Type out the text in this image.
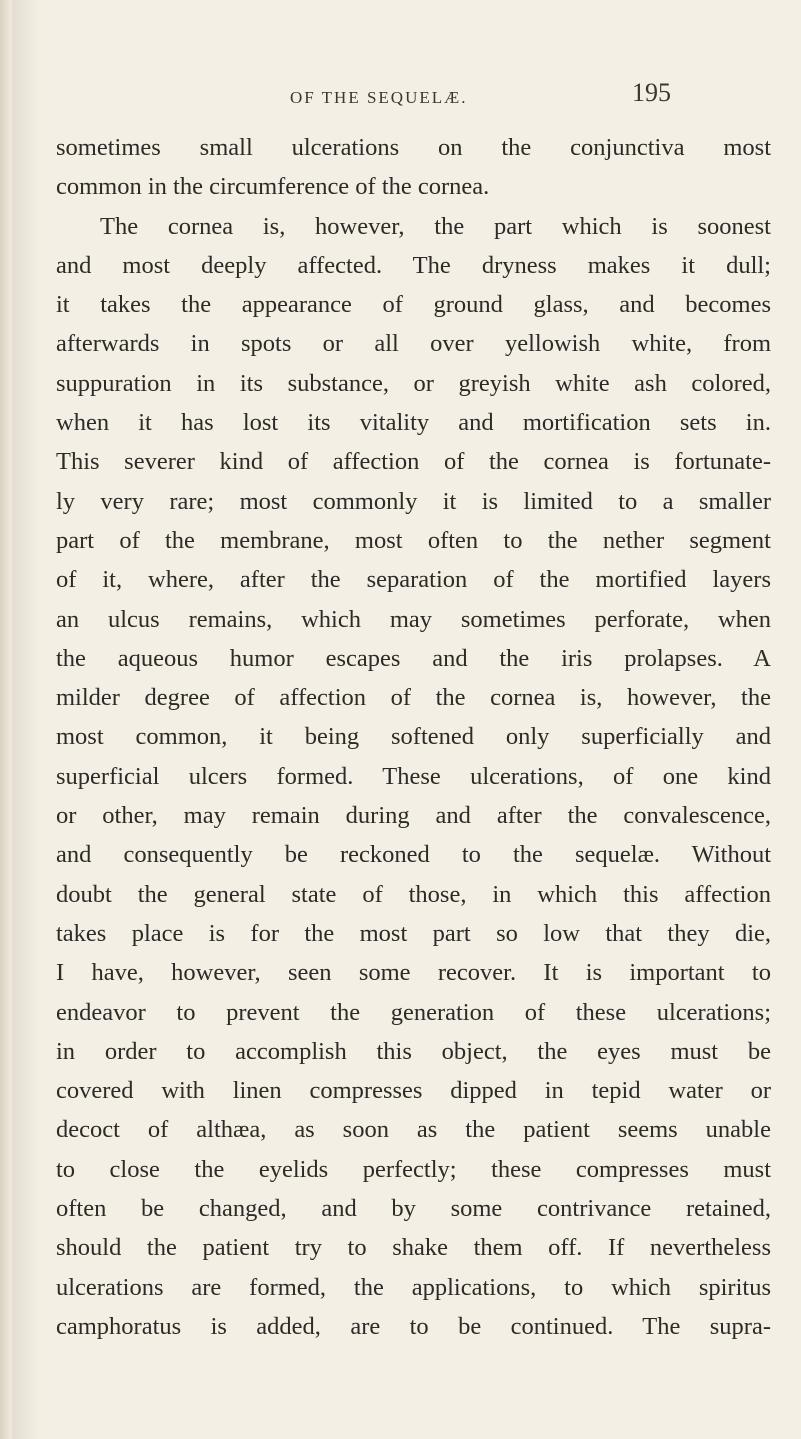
OF THE SEQUELÆ.	195
sometimes small ulcerations on the conjunctiva most
common in the circumference of the cornea.
The cornea is, however, the part which is soonest
and most deeply affected. The dryness makes it dull;
it takes the appearance of ground glass, and becomes
afterwards in spots or all over yellowish white, from
suppuration in its substance, or greyish white ash colored,
when it has lost its vitality and mortification sets in.
This severer kind of affection of the cornea is fortunate-
ly very rare; most commonly it is limited to a smaller
part of the membrane, most often to the nether segment
of it, where, after the separation of the mortified layers
an ulcus remains, which may sometimes perforate, when
the aqueous humor escapes and the iris prolapses. A
milder degree of affection of the cornea is, however, the
most common, it being softened only superficially and
superficial ulcers formed. These ulcerations, of one kind
or other, may remain during and after the convalescence,
and consequently be reckoned to the sequelæ. Without
doubt the general state of those, in which this affection
takes place is for the most part so low that they die,
I have, however, seen some recover. It is important to
endeavor to prevent the generation of these ulcerations;
in order to accomplish this object, the eyes must be
covered with linen compresses dipped in tepid water or
decoct of althæa, as soon as the patient seems unable
to close the eyelids perfectly; these compresses must
often be changed, and by some contrivance retained,
should the patient try to shake them off. If nevertheless
ulcerations are formed, the applications, to which spiritus
camphoratus is added, are to be continued. The supra-
